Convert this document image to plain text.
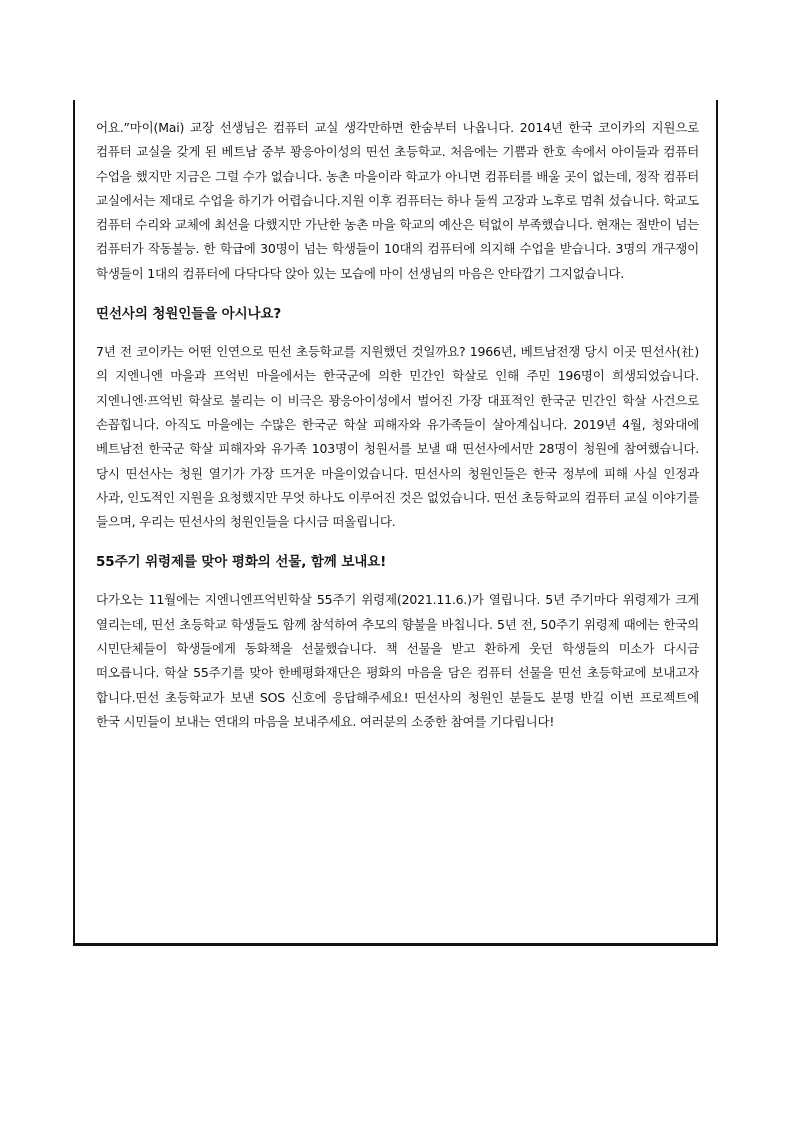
어요.”마이(Mai) 교장 선생님은 컴퓨터 교실 생각만하면 한숨부터 나옵니다. 2014년 한국 코이카의 지원으로 컴퓨터 교실을 갖게 된 베트남 중부 꽝응아이성의 띤선 초등학교. 처음에는 기쁨과 한호 속에서 아이들과 컴퓨터 수업을 했지만 지금은 그럴 수가 없습니다. 농촌 마을이라 학교가 아니면 컴퓨터를 배울 곳이 없는데, 정작 컴퓨터 교실에서는 제대로 수업을 하기가 어렵습니다.지원 이후 컴퓨터는 하나 둘씩 고장과 노후로 멈춰 섰습니다. 학교도 컴퓨터 수리와 교체에 최선을 다했지만 가난한 농촌 마을 학교의 예산은 턱없이 부족했습니다. 현재는 절반이 넘는 컴퓨터가 작동불능. 한 학급에 30명이 넘는 학생들이 10대의 컴퓨터에 의지해 수업을 받습니다. 3명의 개구쟁이 학생들이 1대의 컴퓨터에 다닥다닥 앉아 있는 모습에 마이 선생님의 마음은 안타깝기 그지없습니다.

띤선사의 청원인들을 아시나요?

7년 전 코이카는 어떤 인연으로 띤선 초등학교를 지원했던 것일까요? 1966년, 베트남전쟁 당시 이곳 띤선사(社)의 지엔니엔 마을과 프억빈 마을에서는 한국군에 의한 민간인 학살로 인해 주민 196명이 희생되었습니다. 지엔니엔·프억빈 학살로 불리는 이 비극은 꽝응아이성에서 벌어진 가장 대표적인 한국군 민간인 학살 사건으로 손꼽힙니다. 아직도 마을에는 수많은 한국군 학살 피해자와 유가족들이 살아계십니다. 2019년 4월, 청와대에 베트남전 한국군 학살 피해자와 유가족 103명이 청원서를 보낼 때 띤선사에서만 28명이 청원에 참여했습니다. 당시 띤선사는 청원 열기가 가장 뜨거운 마을이었습니다. 띤선사의 청원인들은 한국 정부에 피해 사실 인정과 사과, 인도적인 지원을 요청했지만 무엇 하나도 이루어진 것은 없었습니다. 띤선 초등학교의 컴퓨터 교실 이야기를 들으며, 우리는 띤선사의 청원인들을 다시금 떠올립니다.

55주기 위령제를 맞아 평화의 선물, 함께 보내요!

다가오는 11월에는 지엔니엔프억빈학살 55주기 위령제(2021.11.6.)가 열립니다. 5년 주기마다 위령제가 크게 열리는데, 띤선 초등학교 학생들도 함께 참석하여 추모의 향불을 바칩니다. 5년 전, 50주기 위령제 때에는 한국의 시민단체들이 학생들에게 동화책을 선물했습니다. 책 선물을 받고 환하게 웃던 학생들의 미소가 다시금 떠오릅니다. 학살 55주기를 맞아 한베평화재단은 평화의 마음을 담은 컴퓨터 선물을 띤선 초등학교에 보내고자 합니다.띤선 초등학교가 보낸 SOS 신호에 응답해주세요! 띤선사의 청원인 분들도 분명 반길 이번 프로젝트에 한국 시민들이 보내는 연대의 마음을 보내주세요. 여러분의 소중한 참여를 기다립니다!
